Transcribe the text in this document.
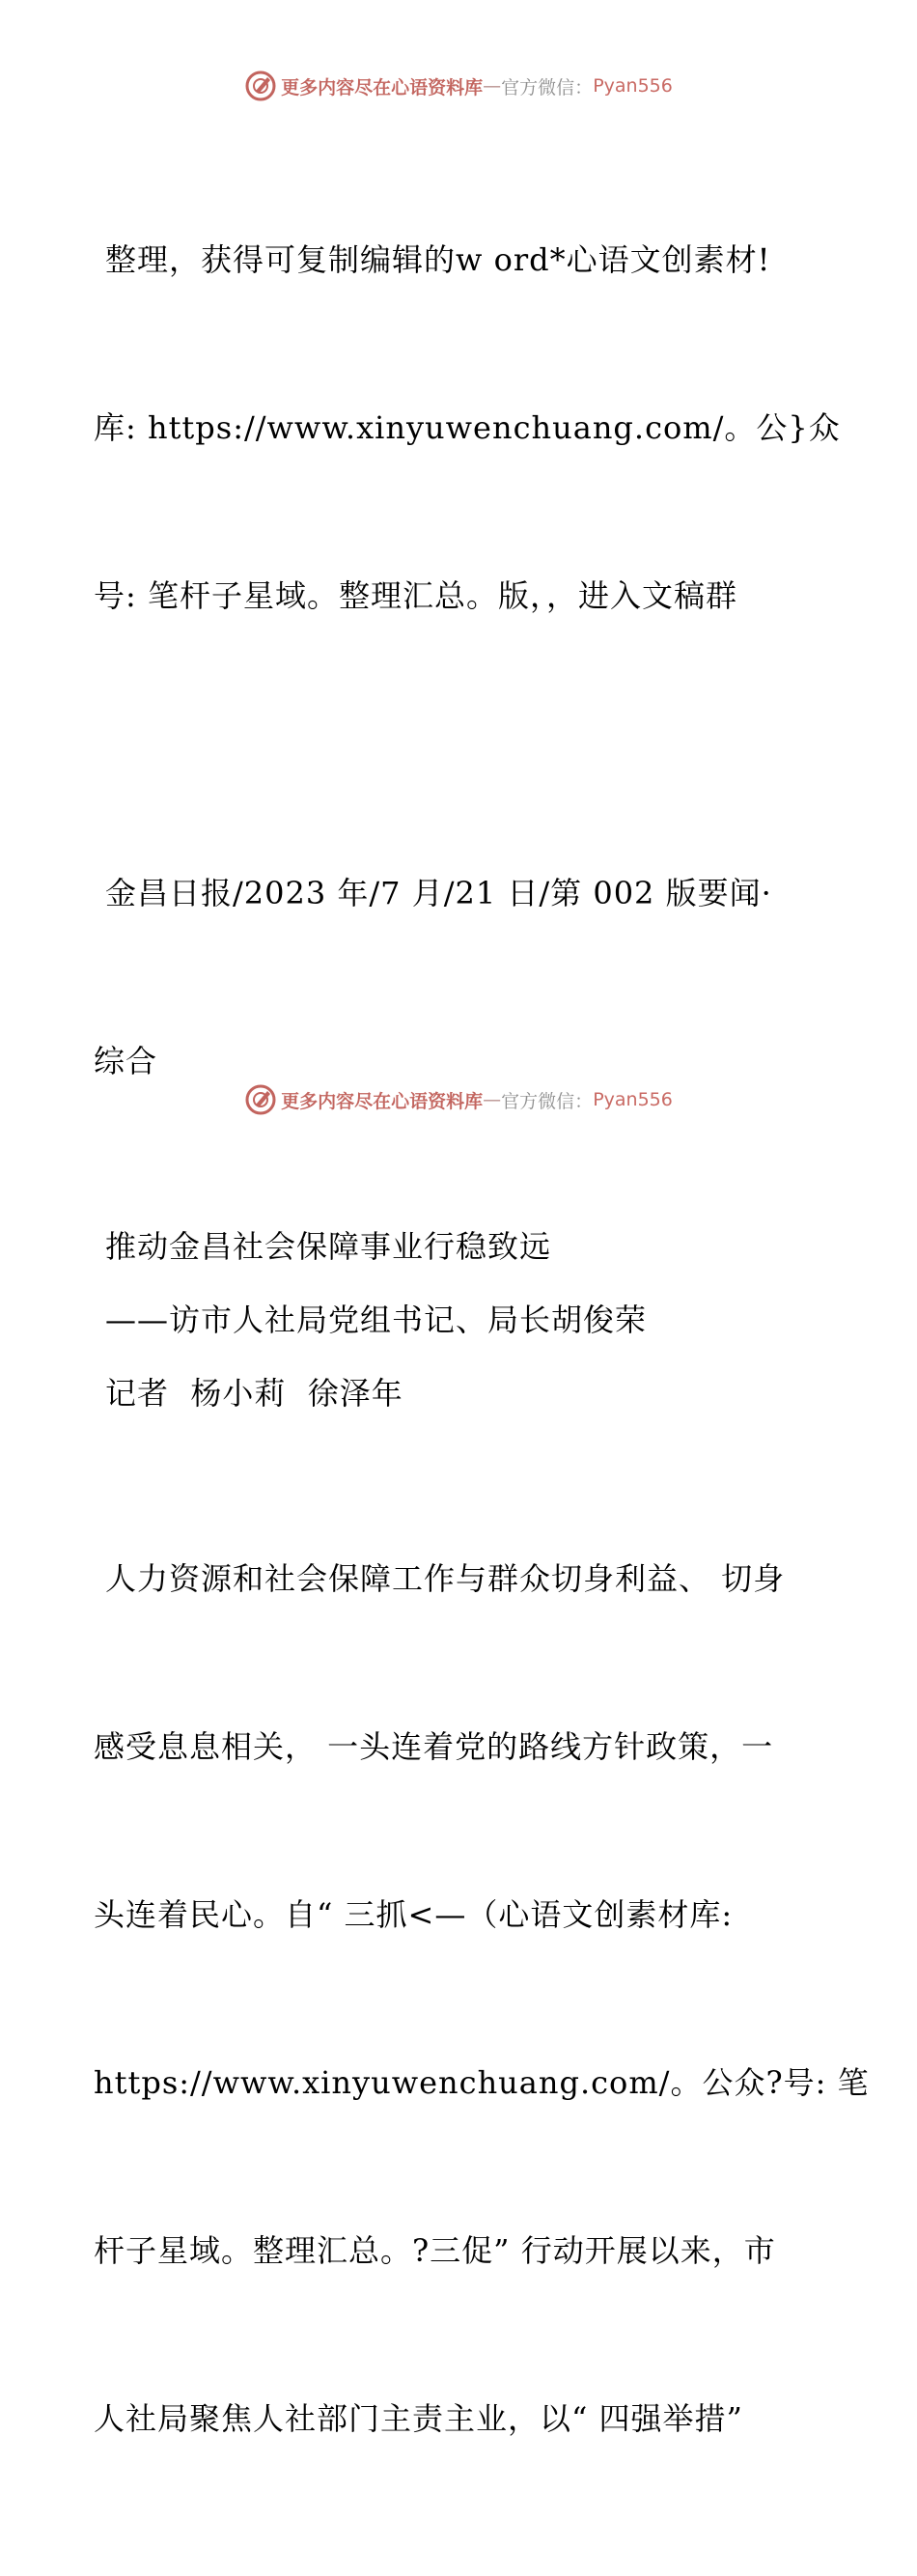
更多内容尽在心语资料库 — 官方微信： Pyan556

整理，获得可复制编辑的w ord*心语文创素材!

库: https://www.xinyuwenchuang.com/。公}众

号: 笔杆子星域。整理汇总。版，，进入文稿群

金昌日报/2023 年/7 月/21 日/第 002 版要闻·

综合

推动金昌社会保障事业行稳致远
——访市人社局党组书记、局长胡俊荣
记者  杨小莉  徐泽年

人力资源和社会保障工作与群众切身利益、 切身

感受息息相关， 一头连着党的路线方针政策，一

头连着民心。自“ 三抓<—（心语文创素材库:

https://www.xinyuwenchuang.com/。公众?号: 笔

杆子星域。整理汇总。?三促” 行动开展以来，市

人社局聚焦人社部门主责主业，以“ 四强举措”

更多内容尽在心语资料库 — 官方微信： Pyan556
